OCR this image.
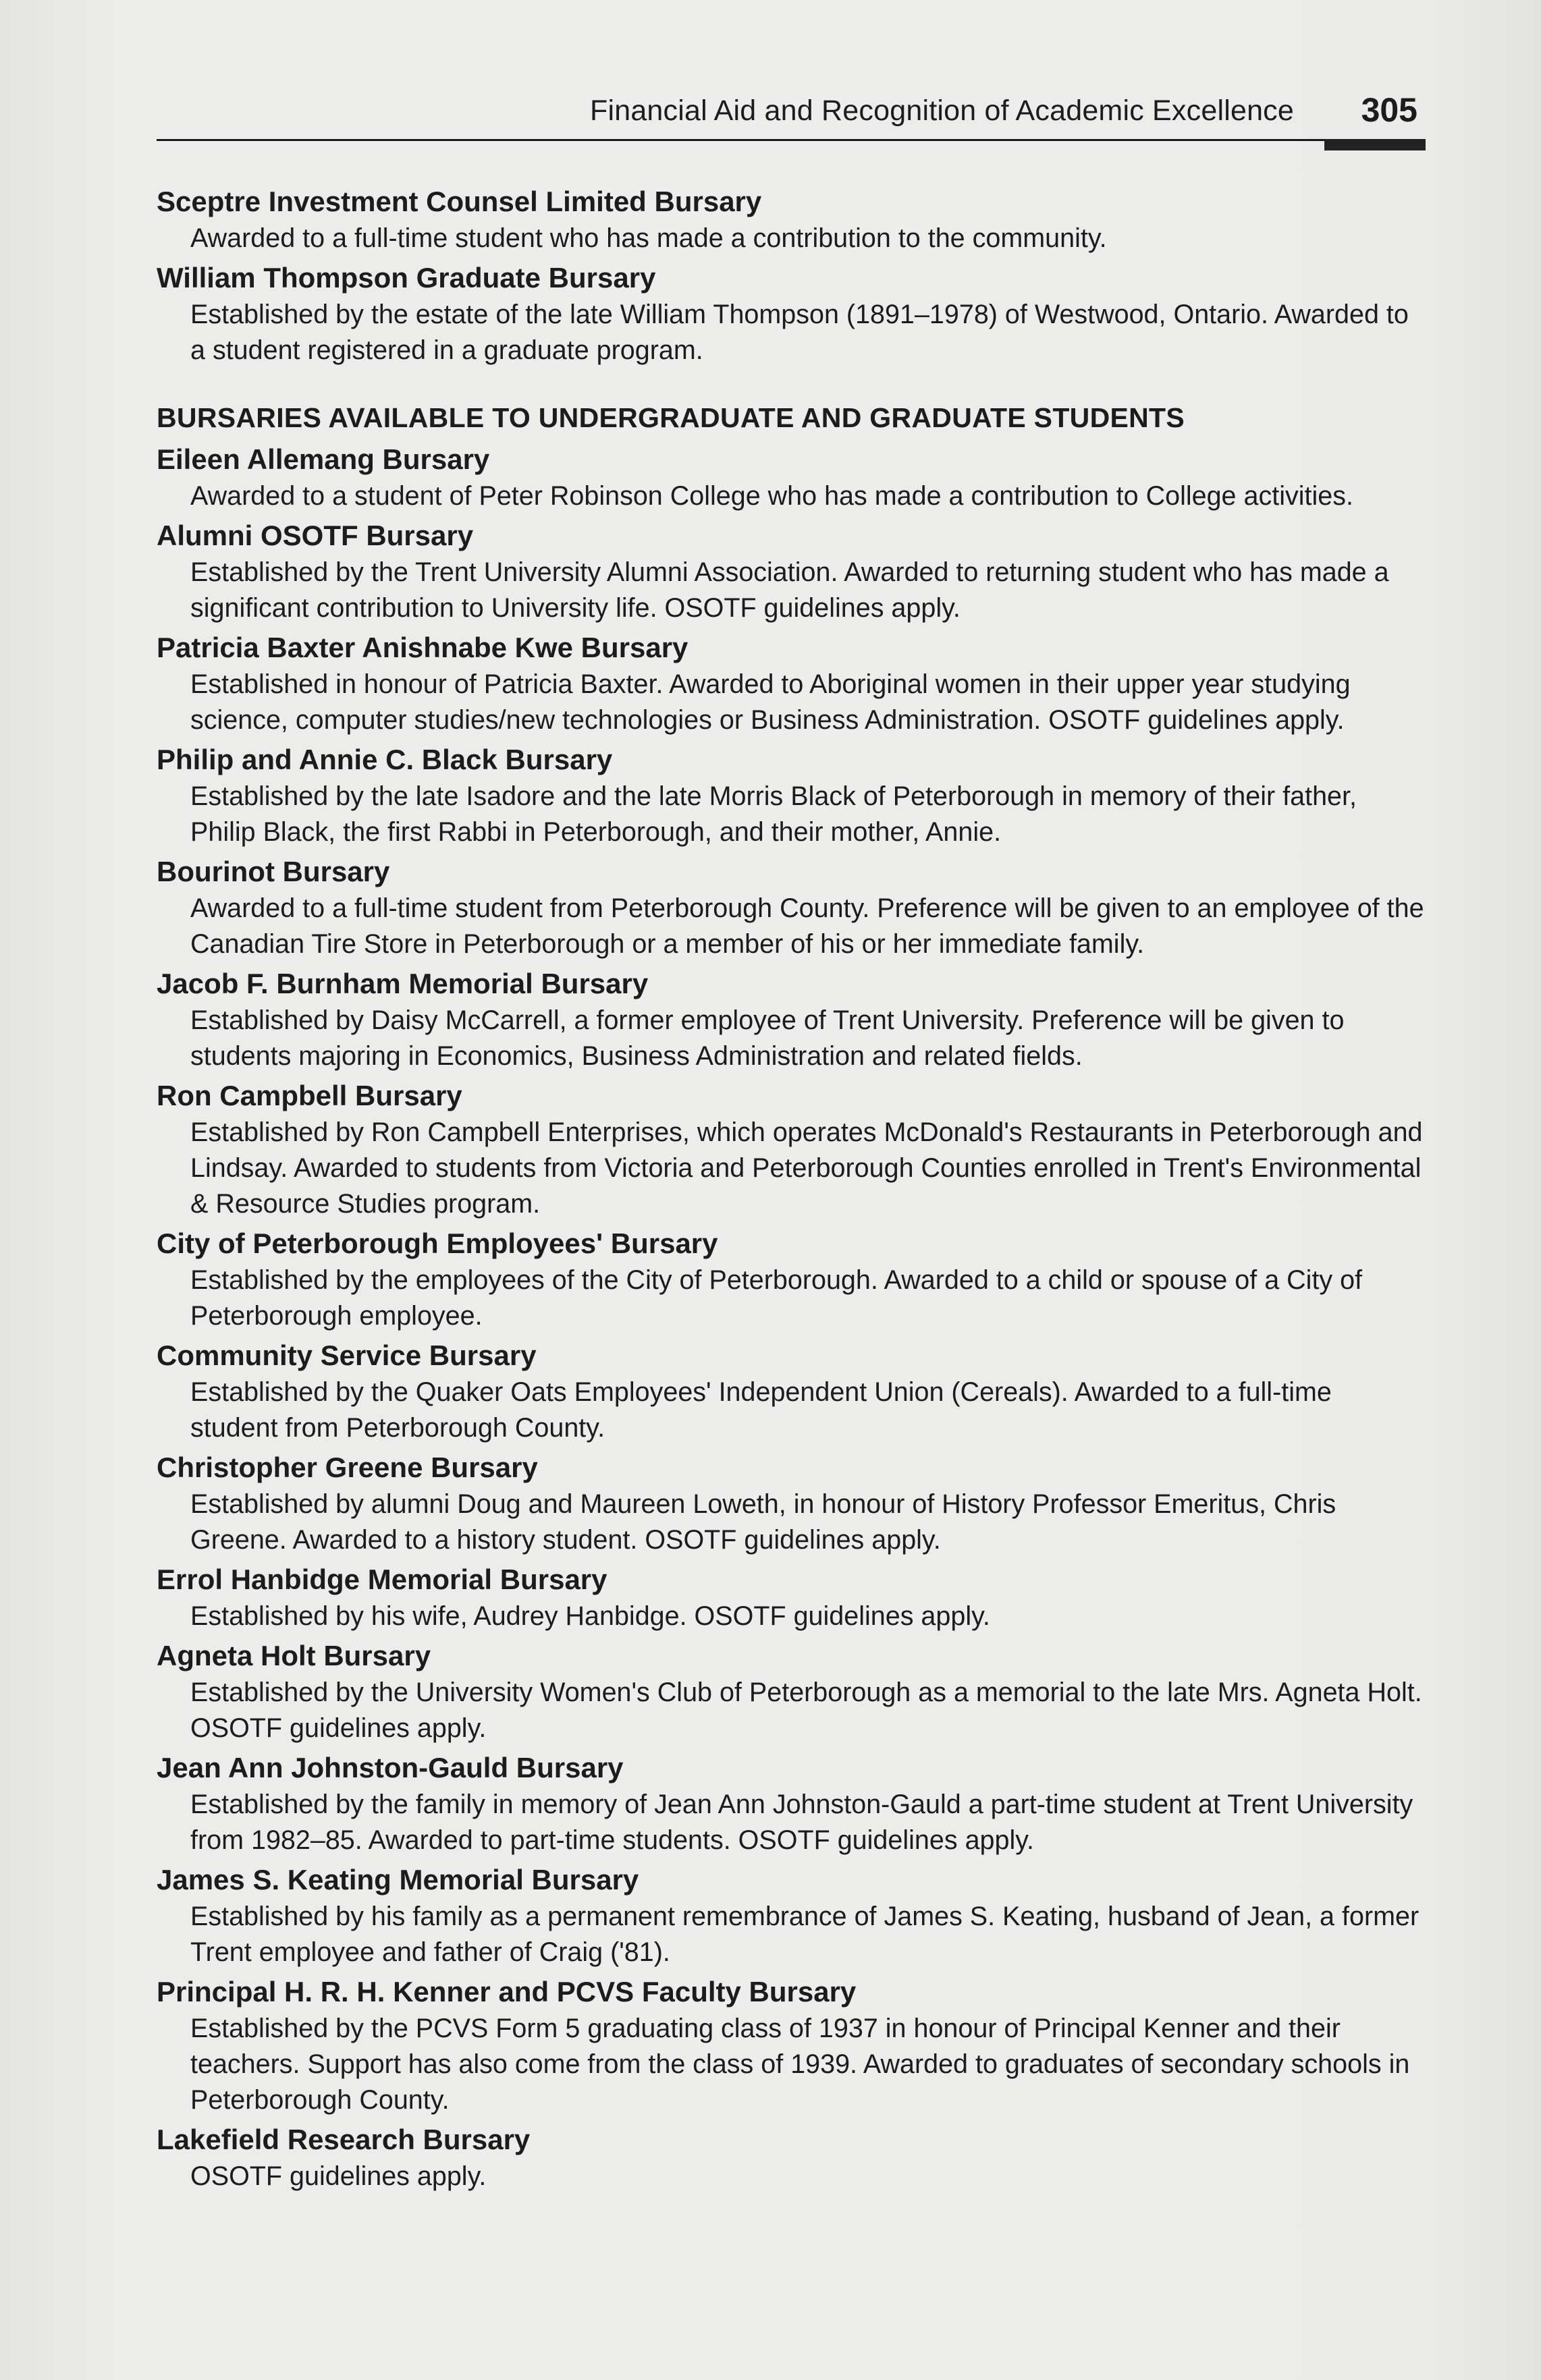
Financial Aid and Recognition of Academic Excellence 305
Sceptre Investment Counsel Limited Bursary
Awarded to a full-time student who has made a contribution to the community.
William Thompson Graduate Bursary
Established by the estate of the late William Thompson (1891–1978) of Westwood, Ontario. Awarded to a student registered in a graduate program.
BURSARIES AVAILABLE TO UNDERGRADUATE AND GRADUATE STUDENTS
Eileen Allemang Bursary
Awarded to a student of Peter Robinson College who has made a contribution to College activities.
Alumni OSOTF Bursary
Established by the Trent University Alumni Association. Awarded to returning student who has made a significant contribution to University life. OSOTF guidelines apply.
Patricia Baxter Anishnabe Kwe Bursary
Established in honour of Patricia Baxter. Awarded to Aboriginal women in their upper year studying science, computer studies/new technologies or Business Administration. OSOTF guidelines apply.
Philip and Annie C. Black Bursary
Established by the late Isadore and the late Morris Black of Peterborough in memory of their father, Philip Black, the first Rabbi in Peterborough, and their mother, Annie.
Bourinot Bursary
Awarded to a full-time student from Peterborough County. Preference will be given to an employee of the Canadian Tire Store in Peterborough or a member of his or her immediate family.
Jacob F. Burnham Memorial Bursary
Established by Daisy McCarrell, a former employee of Trent University. Preference will be given to students majoring in Economics, Business Administration and related fields.
Ron Campbell Bursary
Established by Ron Campbell Enterprises, which operates McDonald's Restaurants in Peterborough and Lindsay. Awarded to students from Victoria and Peterborough Counties enrolled in Trent's Environmental & Resource Studies program.
City of Peterborough Employees' Bursary
Established by the employees of the City of Peterborough. Awarded to a child or spouse of a City of Peterborough employee.
Community Service Bursary
Established by the Quaker Oats Employees' Independent Union (Cereals). Awarded to a full-time student from Peterborough County.
Christopher Greene Bursary
Established by alumni Doug and Maureen Loweth, in honour of History Professor Emeritus, Chris Greene. Awarded to a history student. OSOTF guidelines apply.
Errol Hanbidge Memorial Bursary
Established by his wife, Audrey Hanbidge. OSOTF guidelines apply.
Agneta Holt Bursary
Established by the University Women's Club of Peterborough as a memorial to the late Mrs. Agneta Holt. OSOTF guidelines apply.
Jean Ann Johnston-Gauld Bursary
Established by the family in memory of Jean Ann Johnston-Gauld a part-time student at Trent University from 1982–85. Awarded to part-time students. OSOTF guidelines apply.
James S. Keating Memorial Bursary
Established by his family as a permanent remembrance of James S. Keating, husband of Jean, a former Trent employee and father of Craig ('81).
Principal H. R. H. Kenner and PCVS Faculty Bursary
Established by the PCVS Form 5 graduating class of 1937 in honour of Principal Kenner and their teachers. Support has also come from the class of 1939. Awarded to graduates of secondary schools in Peterborough County.
Lakefield Research Bursary
OSOTF guidelines apply.
